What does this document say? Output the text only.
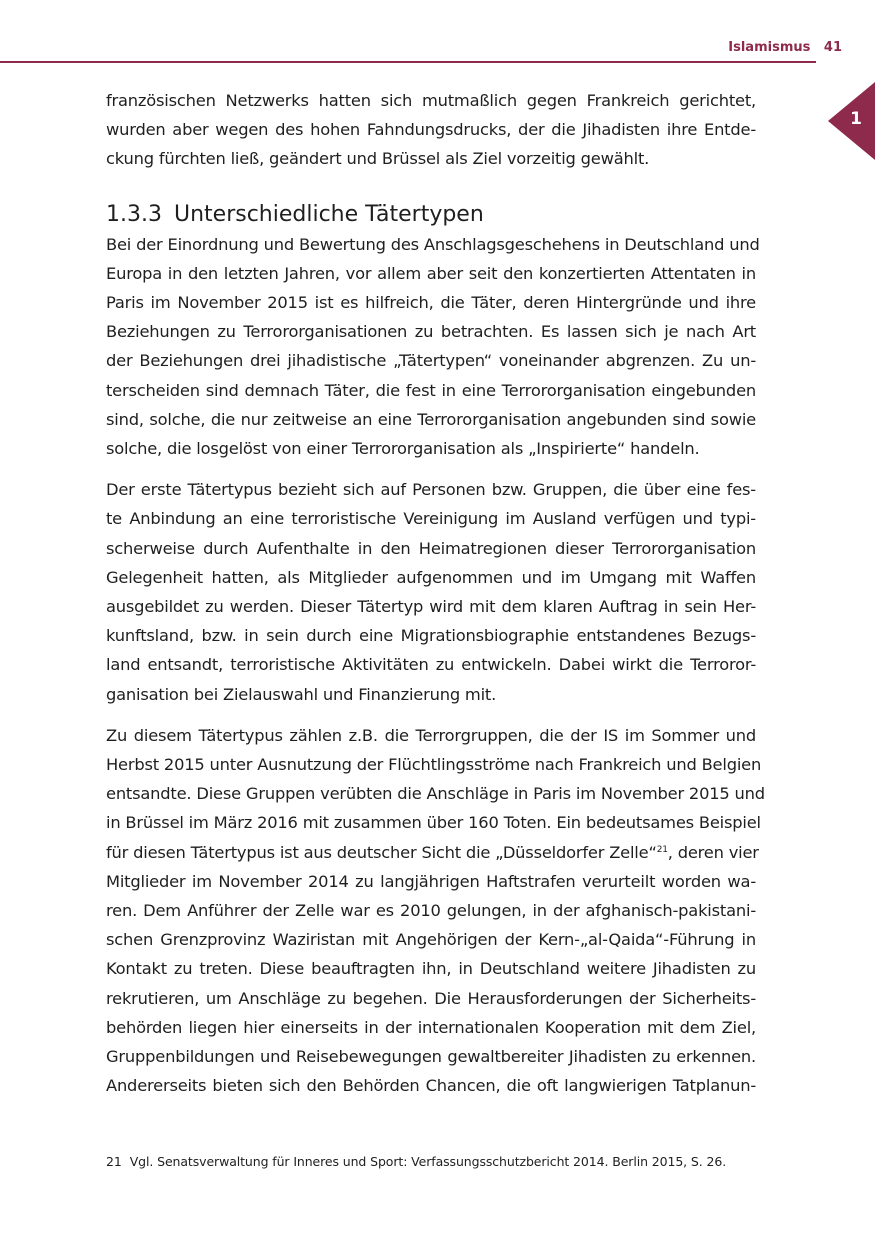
Islamismus 41
1

französischen Netzwerks hatten sich mutmaßlich gegen Frankreich gerichtet,
wurden aber wegen des hohen Fahndungsdrucks, der die Jihadisten ihre Entde-
ckung fürchten ließ, geändert und Brüssel als Ziel vorzeitig gewählt.

1.3.3 Unterschiedliche Tätertypen

Bei der Einordnung und Bewertung des Anschlagsgeschehens in Deutschland und
Europa in den letzten Jahren, vor allem aber seit den konzertierten Attentaten in
Paris im November 2015 ist es hilfreich, die Täter, deren Hintergründe und ihre
Beziehungen zu Terrororganisationen zu betrachten. Es lassen sich je nach Art
der Beziehungen drei jihadistische „Tätertypen“ voneinander abgrenzen. Zu un-
terscheiden sind demnach Täter, die fest in eine Terrororganisation eingebunden
sind, solche, die nur zeitweise an eine Terrororganisation angebunden sind sowie
solche, die losgelöst von einer Terrororganisation als „Inspirierte“ handeln.

Der erste Tätertypus bezieht sich auf Personen bzw. Gruppen, die über eine fes-
te Anbindung an eine terroristische Vereinigung im Ausland verfügen und typi-
scherweise durch Aufenthalte in den Heimatregionen dieser Terrororganisation
Gelegenheit hatten, als Mitglieder aufgenommen und im Umgang mit Waffen
ausgebildet zu werden. Dieser Tätertyp wird mit dem klaren Auftrag in sein Her-
kunftsland, bzw. in sein durch eine Migrationsbiographie entstandenes Bezugs-
land entsandt, terroristische Aktivitäten zu entwickeln. Dabei wirkt die Terroror-
ganisation bei Zielauswahl und Finanzierung mit.

Zu diesem Tätertypus zählen z.B. die Terrorgruppen, die der IS im Sommer und
Herbst 2015 unter Ausnutzung der Flüchtlingsströme nach Frankreich und Belgien
entsandte. Diese Gruppen verübten die Anschläge in Paris im November 2015 und
in Brüssel im März 2016 mit zusammen über 160 Toten. Ein bedeutsames Beispiel
für diesen Tätertypus ist aus deutscher Sicht die „Düsseldorfer Zelle“$^{21}$, deren vier
Mitglieder im November 2014 zu langjährigen Haftstrafen verurteilt worden wa-
ren. Dem Anführer der Zelle war es 2010 gelungen, in der afghanisch-pakistani-
schen Grenzprovinz Waziristan mit Angehörigen der Kern-„al-Qaida“-Führung in
Kontakt zu treten. Diese beauftragten ihn, in Deutschland weitere Jihadisten zu
rekrutieren, um Anschläge zu begehen. Die Herausforderungen der Sicherheits-
behörden liegen hier einerseits in der internationalen Kooperation mit dem Ziel,
Gruppenbildungen und Reisebewegungen gewaltbereiter Jihadisten zu erkennen.
Andererseits bieten sich den Behörden Chancen, die oft langwierigen Tatplanun-

21 Vgl. Senatsverwaltung für Inneres und Sport: Verfassungsschutzbericht 2014. Berlin 2015, S. 26.
